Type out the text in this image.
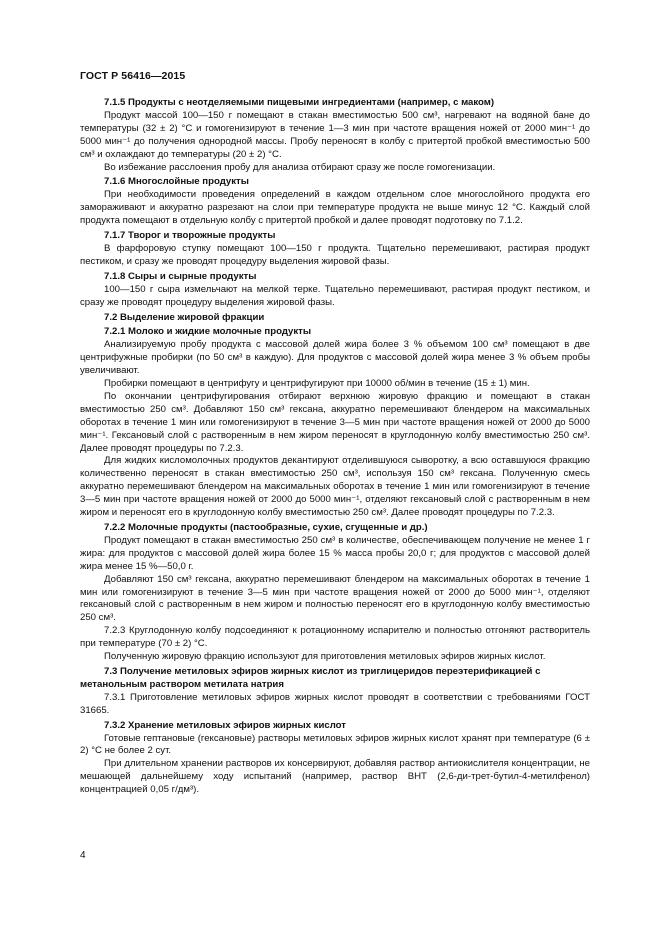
ГОСТ Р 56416—2015

7.1.5 Продукты с неотделяемыми пищевыми ингредиентами (например, с маком)

Продукт массой 100—150 г помещают в стакан вместимостью 500 см³, нагревают на водяной бане до температуры (32 ± 2) °С и гомогенизируют в течение 1—3 мин при частоте вращения ножей от 2000 мин⁻¹ до 5000 мин⁻¹ до получения однородной массы. Пробу переносят в колбу с притертой пробкой вместимостью 500 см³ и охлаждают до температуры (20 ± 2) °С.

Во избежание расслоения пробу для анализа отбирают сразу же после гомогенизации.

7.1.6 Многослойные продукты

При необходимости проведения определений в каждом отдельном слое многослойного продукта его замораживают и аккуратно разрезают на слои при температуре продукта не выше минус 12 °С. Каждый слой продукта помещают в отдельную колбу с притертой пробкой и далее проводят подготовку по 7.1.2.

7.1.7 Творог и творожные продукты

В фарфоровую ступку помещают 100—150 г продукта. Тщательно перемешивают, растирая продукт пестиком, и сразу же проводят процедуру выделения жировой фазы.

7.1.8 Сыры и сырные продукты

100—150 г сыра измельчают на мелкой терке. Тщательно перемешивают, растирая продукт пестиком, и сразу же проводят процедуру выделения жировой фазы.

7.2 Выделение жировой фракции

7.2.1 Молоко и жидкие молочные продукты

Анализируемую пробу продукта с массовой долей жира более 3 % объемом 100 см³ помещают в две центрифужные пробирки (по 50 см³ в каждую). Для продуктов с массовой долей жира менее 3 % объем пробы увеличивают.

Пробирки помещают в центрифугу и центрифугируют при 10000 об/мин в течение (15 ± 1) мин.

По окончании центрифугирования отбирают верхнюю жировую фракцию и помещают в стакан вместимостью 250 см³. Добавляют 150 см³ гексана, аккуратно перемешивают блендером на максимальных оборотах в течение 1 мин или гомогенизируют в течение 3—5 мин при частоте вращения ножей от 2000 до 5000 мин⁻¹. Гексановый слой с растворенным в нем жиром переносят в круглодонную колбу вместимостью 250 см³. Далее проводят процедуры по 7.2.3.

Для жидких кисломолочных продуктов декантируют отделившуюся сыворотку, а всю оставшуюся фракцию количественно переносят в стакан вместимостью 250 см³, используя 150 см³ гексана. Полученную смесь аккуратно перемешивают блендером на максимальных оборотах в течение 1 мин или гомогенизируют в течение 3—5 мин при частоте вращения ножей от 2000 до 5000 мин⁻¹, отделяют гексановый слой с растворенным в нем жиром и переносят его в круглодонную колбу вместимостью 250 см³. Далее проводят процедуры по 7.2.3.

7.2.2 Молочные продукты (пастообразные, сухие, сгущенные и др.)

Продукт помещают в стакан вместимостью 250 см³ в количестве, обеспечивающем получение не менее 1 г жира: для продуктов с массовой долей жира более 15 % масса пробы 20,0 г; для продуктов с массовой долей жира менее 15 %—50,0 г.

Добавляют 150 см³ гексана, аккуратно перемешивают блендером на максимальных оборотах в течение 1 мин или гомогенизируют в течение 3—5 мин при частоте вращения ножей от 2000 до 5000 мин⁻¹, отделяют гексановый слой с растворенным в нем жиром и полностью переносят его в круглодонную колбу вместимостью 250 см³.

7.2.3 Круглодонную колбу подсоединяют к ротационному испарителю и полностью отгоняют растворитель при температуре (70 ± 2) °С.

Полученную жировую фракцию используют для приготовления метиловых эфиров жирных кислот.

7.3 Получение метиловых эфиров жирных кислот из триглицеридов переэтерификацией с метанольным раствором метилата натрия

7.3.1 Приготовление метиловых эфиров жирных кислот проводят в соответствии с требованиями ГОСТ 31665.

7.3.2 Хранение метиловых эфиров жирных кислот

Готовые гептановые (гексановые) растворы метиловых эфиров жирных кислот хранят при температуре (6 ± 2) °С не более 2 сут.

При длительном хранении растворов их консервируют, добавляя раствор антиокислителя концентрации, не мешающей дальнейшему ходу испытаний (например, раствор ВНТ (2,6-ди-трет-бутил-4-метилфенол) концентрацией 0,05 г/дм³).

4
